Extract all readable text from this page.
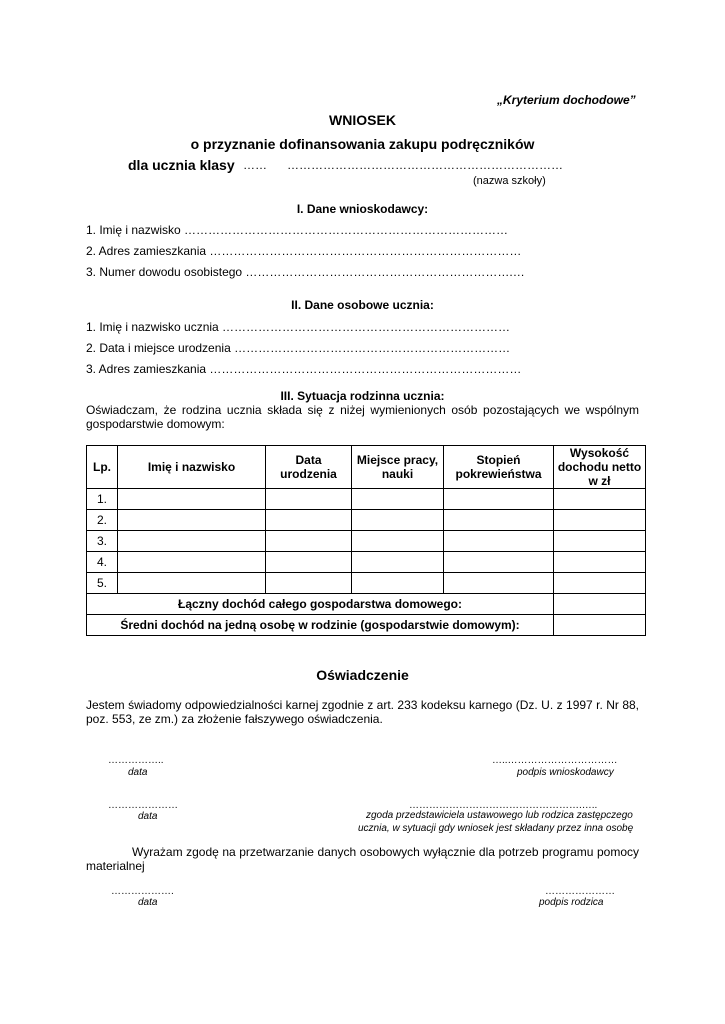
„Kryterium dochodowe”
WNIOSEK
o przyznanie dofinansowania zakupu podręczników
dla ucznia klasy …… ……………………………………………………………
(nazwa szkoły)
I. Dane wnioskodawcy:
1. Imię i nazwisko ………………………………………………………………………
2. Adres zamieszkania ……………………………………………………………………
3. Numer dowodu osobistego ………………………………………………………….…
II. Dane osobowe ucznia:
1. Imię i nazwisko ucznia ………………………………………………………………
2. Data i miejsce urodzenia ……………………………………………………………
3. Adres zamieszkania ……………………………………………………………………
III. Sytuacja rodzinna ucznia:
Oświadczam, że rodzina ucznia składa się z niżej wymienionych osób pozostających we wspólnym gospodarstwie domowym:
Lp.	Imię i nazwisko	Data urodzenia	Miejsce pracy, nauki	Stopień pokrewieństwa	Wysokość dochodu netto w zł
1.					
2.					
3.					
4.					
5.					
Łączny dochód całego gospodarstwa domowego:					
Średni dochód na jedną osobę w rodzinie (gospodarstwie domowym):					
Oświadczenie
Jestem świadomy odpowiedzialności karnej zgodnie z art. 233 kodeksu karnego (Dz. U. z 1997 r. Nr 88, poz. 553, ze zm.) za złożenie fałszywego oświadczenia.
……………..
data
…..……………………………
podpis wnioskodawcy
…………………
data
…………………………………………….…..
zgoda przedstawiciela ustawowego lub rodzica zastępczego
ucznia, w sytuacji gdy wniosek jest składany przez inna osobę
Wyrażam zgodę na przetwarzanie danych osobowych wyłącznie dla potrzeb programu pomocy materialnej
……………….
data
…………………
podpis rodzica
